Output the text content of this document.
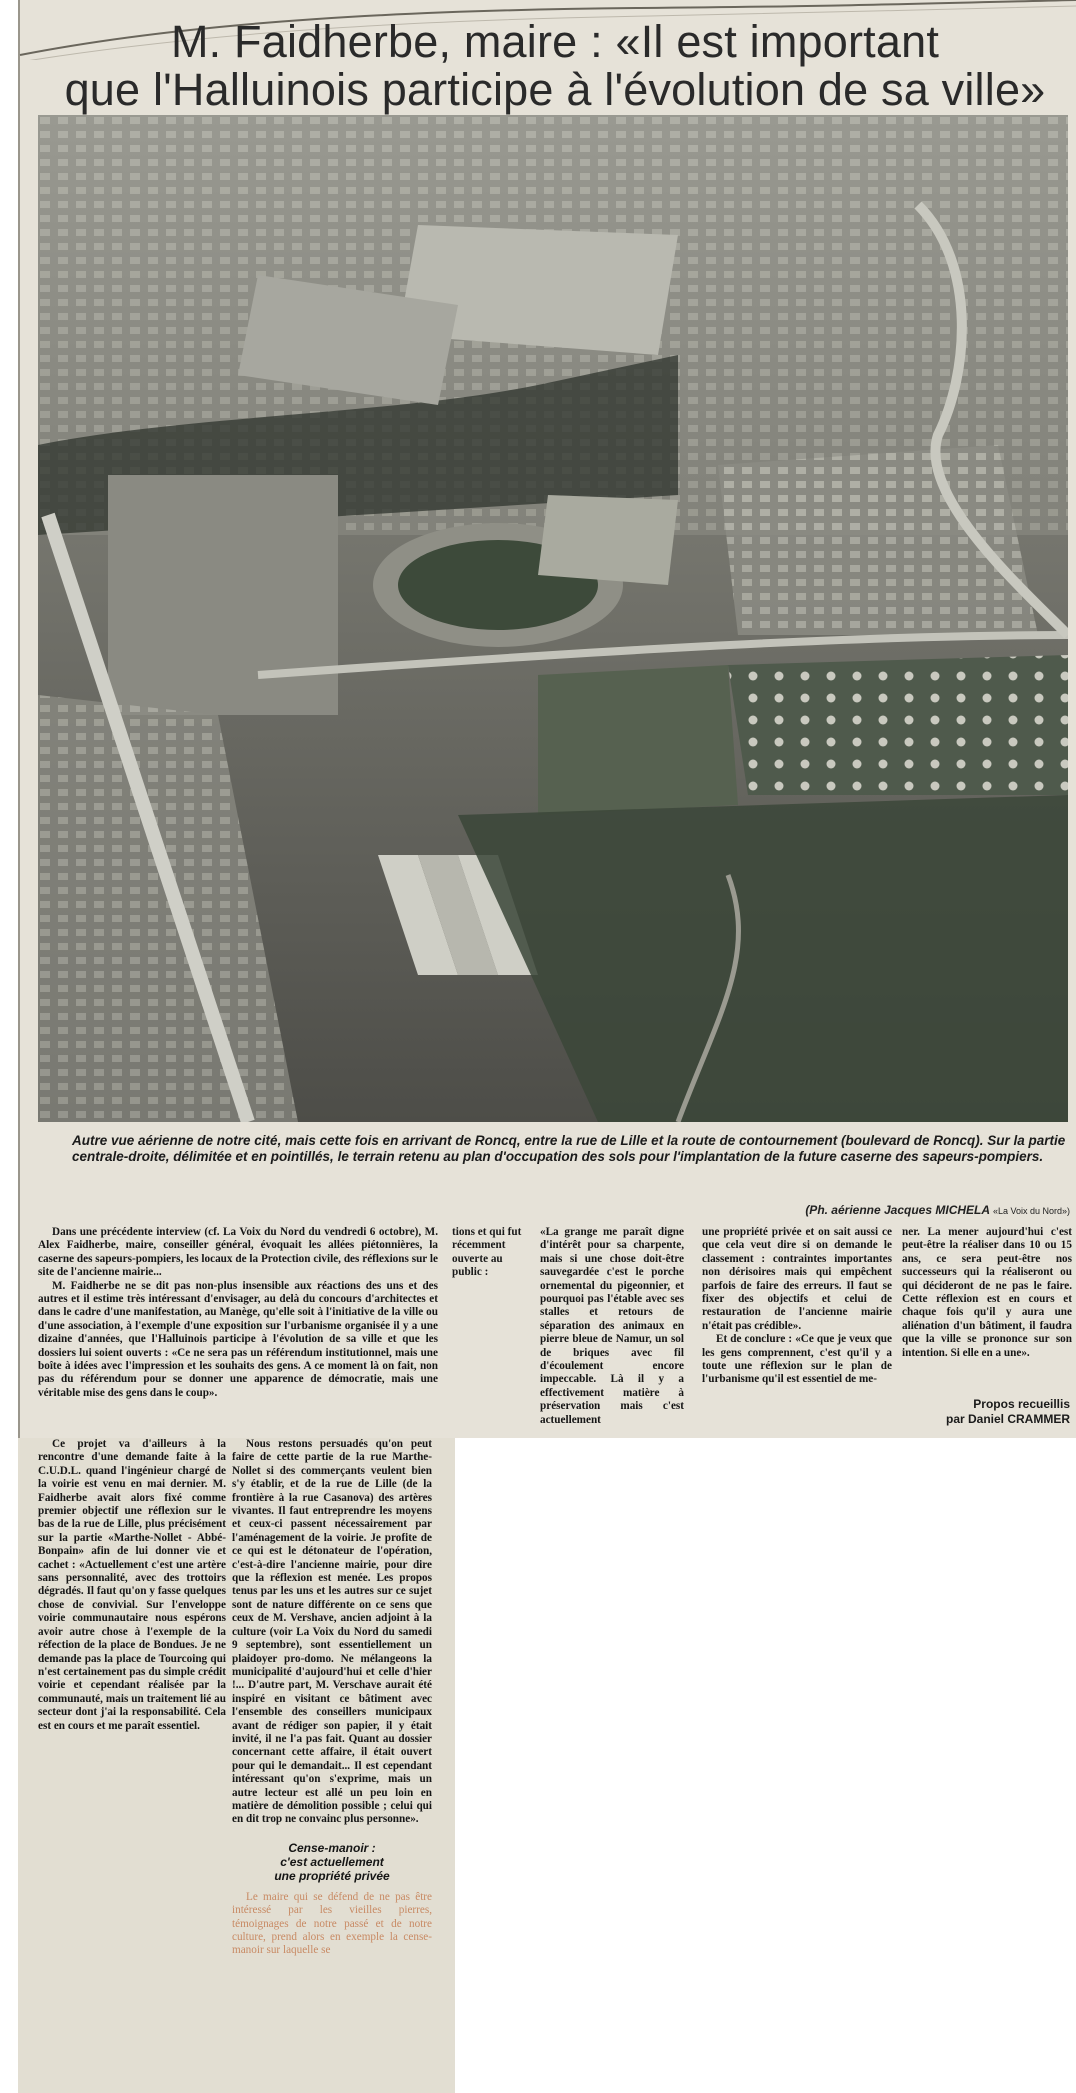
M. Faidherbe, maire : «Il est important
que l'Halluinois participe à l'évolution de sa ville»
Autre vue aérienne de notre cité, mais cette fois en arrivant de Roncq, entre la rue de Lille et la route de contournement (boulevard de Roncq). Sur la partie centrale-droite, délimitée et en pointillés, le terrain retenu au plan d'occupation des sols pour l'implantation de la future caserne des sapeurs-pompiers.
(Ph. aérienne Jacques MICHELA «La Voix du Nord»)

Dans une précédente interview (cf. La Voix du Nord du vendredi 6 octobre), M. Alex Faidherbe, maire, conseiller général, évoquait les allées piétonnières, la caserne des sapeurs-pompiers, les locaux de la Protection civile, des réflexions sur le site de l'ancienne mairie...

M. Faidherbe ne se dit pas non-plus insensible aux réactions des uns et des autres et il estime très intéressant d'envisager, au delà du concours d'architectes et dans le cadre d'une manifestation, au Manège, qu'elle soit à l'initiative de la ville ou d'une association, à l'exemple d'une exposition sur l'urbanisme organisée il y a une dizaine d'années, que l'Halluinois participe à l'évolution de sa ville et que les dossiers lui soient ouverts : «Ce ne sera pas un référendum institutionnel, mais une boîte à idées avec l'impression et les souhaits des gens. A ce moment là on fait, non pas du référendum pour se donner une apparence de démocratie, mais une véritable mise des gens dans le coup».

tions et qui fut récemment ouverte au public :

«La grange me paraît digne d'intérêt pour sa charpente, mais si une chose doit-être sauvegardée c'est le porche ornemental du pigeonnier, et pourquoi pas l'étable avec ses stalles et retours de séparation des animaux en pierre bleue de Namur, un sol de briques avec fil d'écoulement encore impeccable. Là il y a effectivement matière à préservation mais c'est actuellement

une propriété privée et on sait aussi ce que cela veut dire si on demande le classement : contraintes importantes non dérisoires mais qui empêchent parfois de faire des erreurs. Il faut se fixer des objectifs et celui de restauration de l'ancienne mairie n'était pas crédible».

Et de conclure : «Ce que je veux que les gens comprennent, c'est qu'il y a toute une réflexion sur le plan de l'urbanisme qu'il est essentiel de me-

ner. La mener aujourd'hui c'est peut-être la réaliser dans 10 ou 15 ans, ce sera peut-être nos successeurs qui la réaliseront ou qui décideront de ne pas le faire. Cette réflexion est en cours et chaque fois qu'il y aura une aliénation d'un bâtiment, il faudra que la ville se prononce sur son intention. Si elle en a une».

Propos recueillis
par Daniel CRAMMER

Ce projet va d'ailleurs à la rencontre d'une demande faite à la C.U.D.L. quand l'ingénieur chargé de la voirie est venu en mai dernier. M. Faidherbe avait alors fixé comme premier objectif une réflexion sur le bas de la rue de Lille, plus précisément sur la partie «Marthe-Nollet - Abbé-Bonpain» afin de lui donner vie et cachet : «Actuellement c'est une artère sans personnalité, avec des trottoirs dégradés. Il faut qu'on y fasse quelques chose de convivial. Sur l'enveloppe voirie communautaire nous espérons avoir autre chose à l'exemple de la réfection de la place de Bondues. Je ne demande pas la place de Tourcoing qui n'est certainement pas du simple crédit voirie et cependant réalisée par la communauté, mais un traitement lié au secteur dont j'ai la responsabilité. Cela est en cours et me paraît essentiel.

Nous restons persuadés qu'on peut faire de cette partie de la rue Marthe-Nollet si des commerçants veulent bien s'y établir, et de la rue de Lille (de la frontière à la rue Casanova) des artères vivantes. Il faut entreprendre les moyens et ceux-ci passent nécessairement par l'aménagement de la voirie. Je profite de ce qui est le détonateur de l'opération, c'est-à-dire l'ancienne mairie, pour dire que la réflexion est menée. Les propos tenus par les uns et les autres sur ce sujet sont de nature différente on ce sens que ceux de M. Vershave, ancien adjoint à la culture (voir La Voix du Nord du samedi 9 septembre), sont essentiellement un plaidoyer pro-domo. Ne mélangeons la municipalité d'aujourd'hui et celle d'hier !... D'autre part, M. Verschave aurait été inspiré en visitant ce bâtiment avec l'ensemble des conseillers municipaux avant de rédiger son papier, il y était invité, il ne l'a pas fait. Quant au dossier concernant cette affaire, il était ouvert pour qui le demandait... Il est cependant intéressant qu'on s'exprime, mais un autre lecteur est allé un peu loin en matière de démolition possible ; celui qui en dit trop ne convainc plus personne».

Cense-manoir :
c'est actuellement
une propriété privée

Le maire qui se défend de ne pas être intéressé par les vieilles pierres, témoignages de notre passé et de notre culture, prend alors en exemple la cense-manoir sur laquelle se
